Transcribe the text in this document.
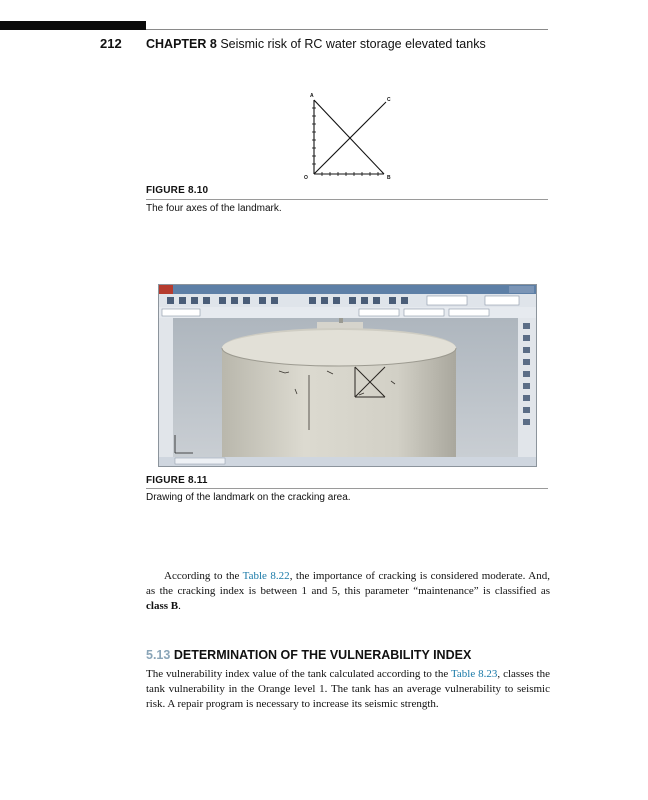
212 CHAPTER 8 Seismic risk of RC water storage elevated tanks
A
C
O	B
FIGURE 8.10
The four axes of the landmark.
FIGURE 8.11
Drawing of the landmark on the cracking area.
According to the Table 8.22, the importance of cracking is considered moderate. And, as the cracking index is between 1 and 5, this parameter “maintenance” is classified as class B.
5.13 DETERMINATION OF THE VULNERABILITY INDEX
The vulnerability index value of the tank calculated according to the Table 8.23, classes the tank vulnerability in the Orange level 1. The tank has an average vulnerability to seismic risk. A repair program is necessary to increase its seismic strength.
